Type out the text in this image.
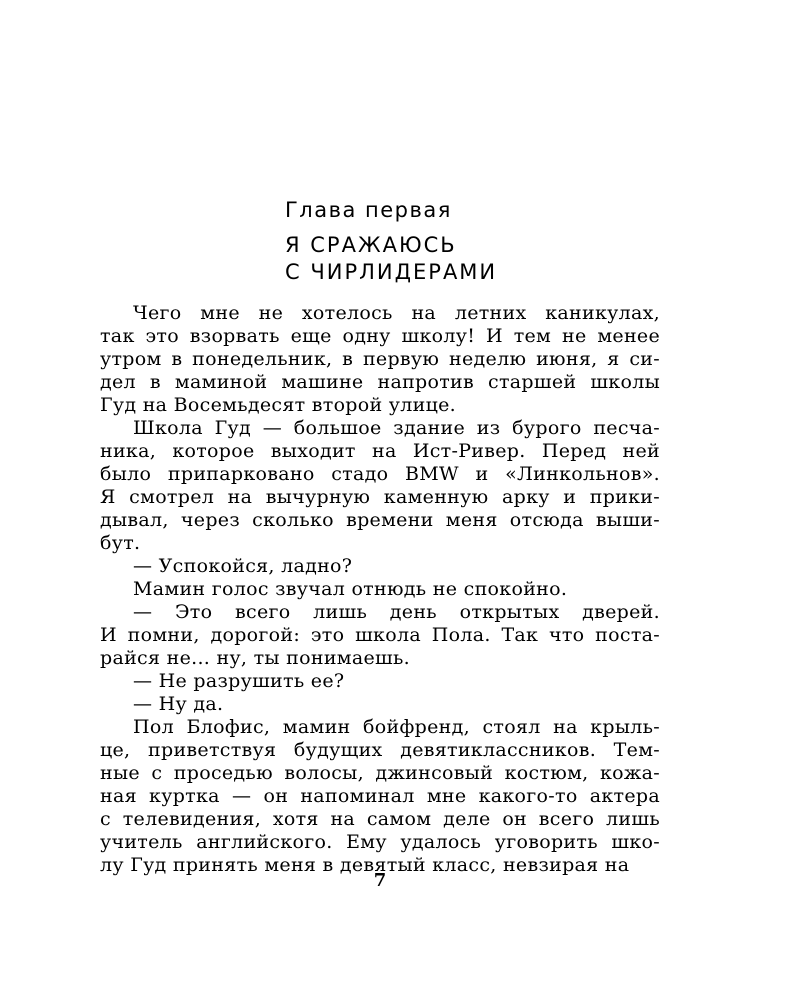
Глава первая
Я СРАЖАЮСЬ
С ЧИРЛИДЕРАМИ

Чего мне не хотелось на летних каникулах,
так это взорвать еще одну школу! И тем не менее
утром в понедельник, в первую неделю июня, я си-
дел в маминой машине напротив старшей школы
Гуд на Восемьдесят второй улице.

Школа Гуд — большое здание из бурого песча-
ника, которое выходит на Ист-Ривер. Перед ней
было припарковано стадо BMW и «Линкольнов».
Я смотрел на вычурную каменную арку и прики-
дывал, через сколько времени меня отсюда выши-
бут.

— Успокойся, ладно?

Мамин голос звучал отнюдь не спокойно.

— Это всего лишь день открытых дверей.
И помни, дорогой: это школа Пола. Так что поста-
райся не... ну, ты понимаешь.

— Не разрушить ее?

— Ну да.

Пол Блофис, мамин бойфренд, стоял на крыль-
це, приветствуя будущих девятиклассников. Тем-
ные с проседью волосы, джинсовый костюм, кожа-
ная куртка — он напоминал мне какого-то актера
с телевидения, хотя на самом деле он всего лишь
учитель английского. Ему удалось уговорить шко-
лу Гуд принять меня в девятый класс, невзирая на

7
